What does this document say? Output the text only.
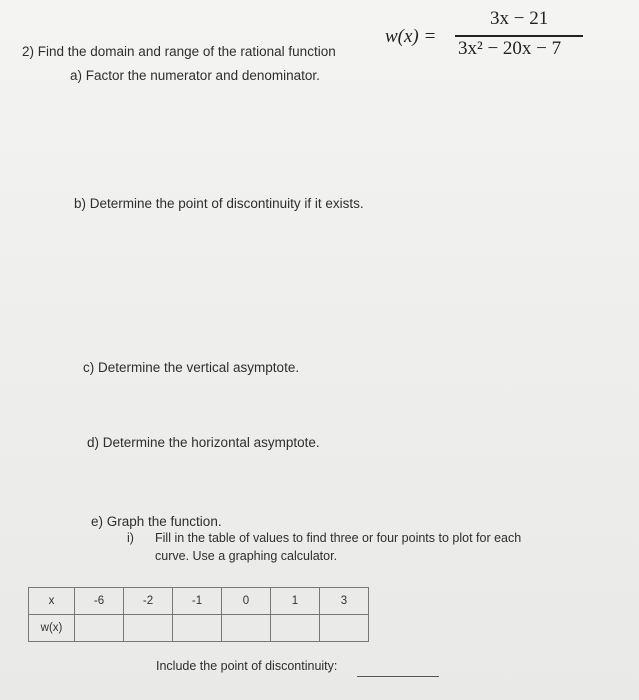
w(x) =
3x − 21
3x² − 20x − 7
2) Find the domain and range of the rational function
a) Factor the numerator and denominator.
b) Determine the point of discontinuity if it exists.
c) Determine the vertical asymptote.
d) Determine the horizontal asymptote.
e) Graph the function.
i) Fill in the table of values to find three or four points to plot for each
curve. Use a graphing calculator.
x	-6	-2	-1	0	1	3
w(x)						
Include the point of discontinuity:
